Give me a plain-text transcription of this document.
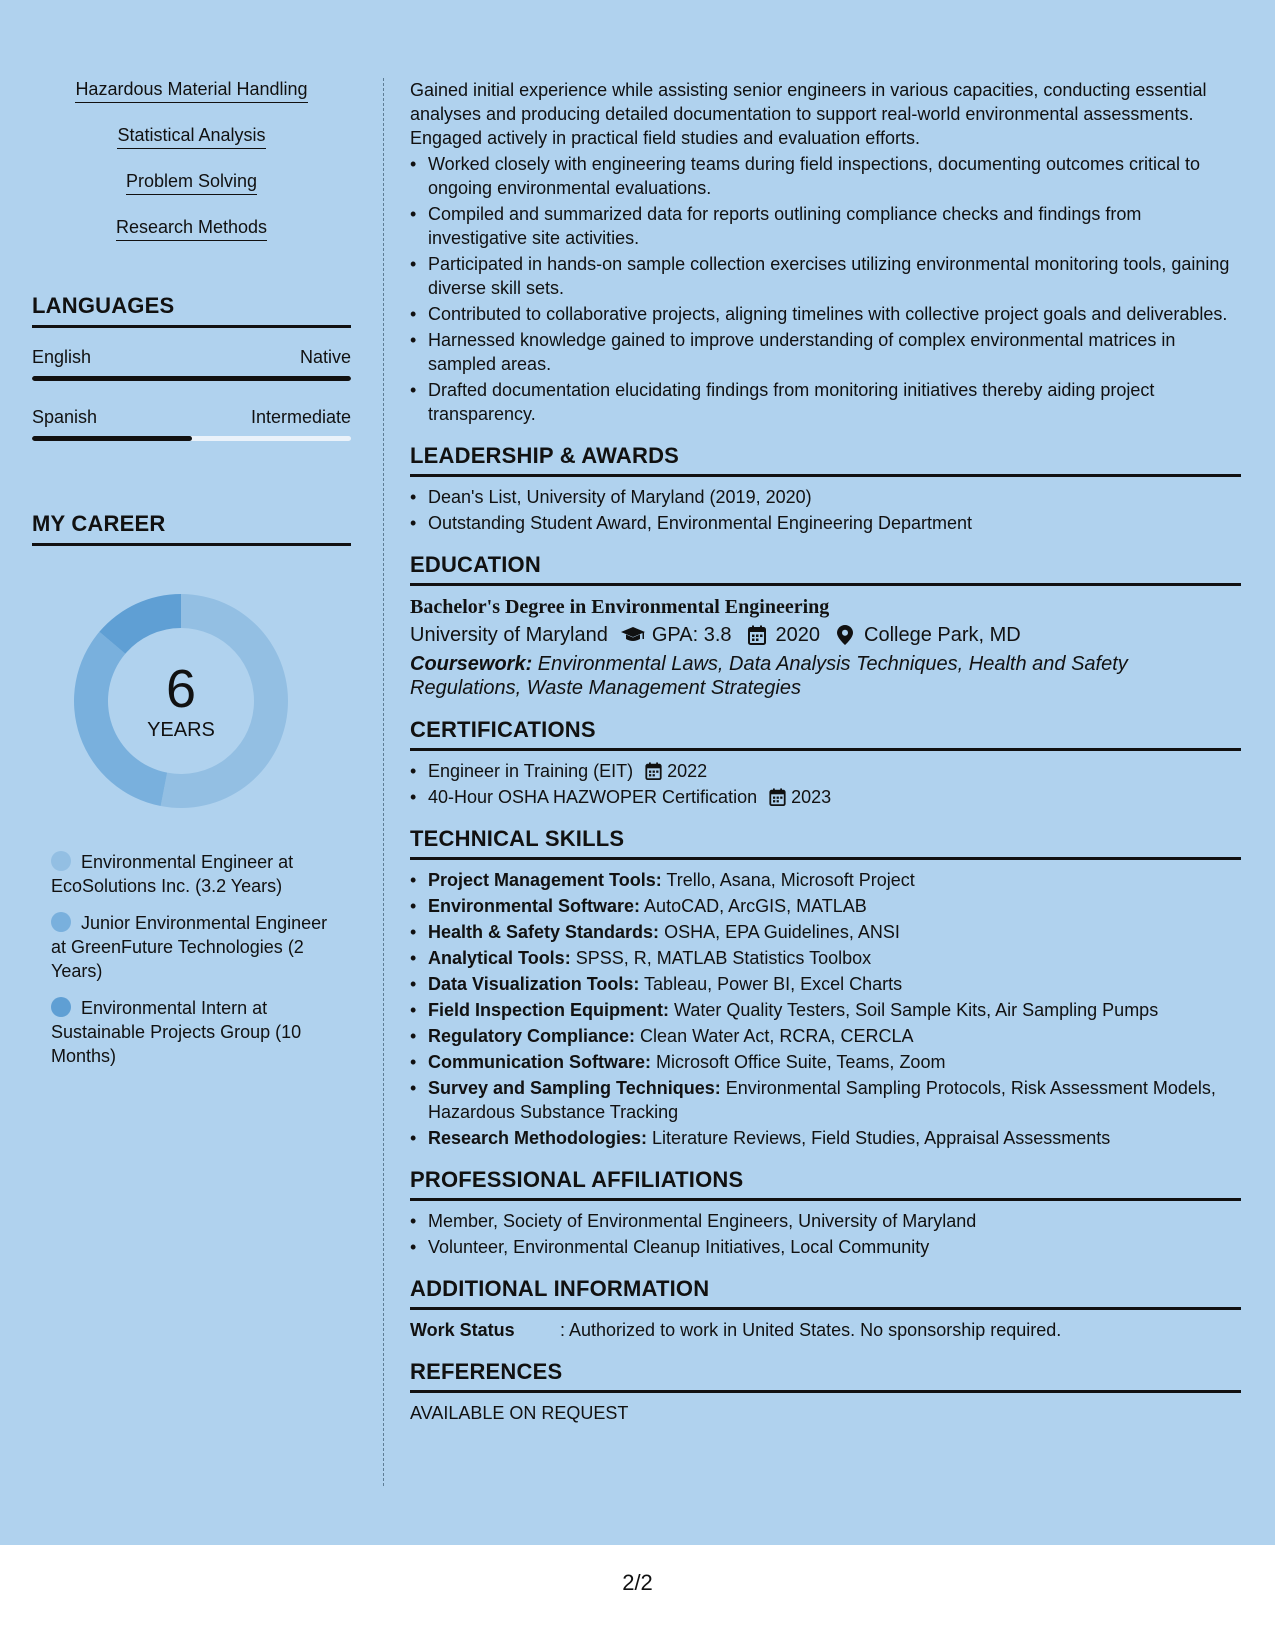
Hazardous Material Handling
Statistical Analysis
Problem Solving
Research Methods
LANGUAGES
English	Native
Spanish	Intermediate
MY CAREER
6
YEARS
Environmental Engineer at EcoSolutions Inc. (3.2 Years)
Junior Environmental Engineer at GreenFuture Technologies (2 Years)
Environmental Intern at Sustainable Projects Group (10 Months)

Gained initial experience while assisting senior engineers in various capacities, conducting essential analyses and producing detailed documentation to support real-world environmental assessments. Engaged actively in practical field studies and evaluation efforts.

• Worked closely with engineering teams during field inspections, documenting outcomes critical to ongoing environmental evaluations.
• Compiled and summarized data for reports outlining compliance checks and findings from investigative site activities.
• Participated in hands-on sample collection exercises utilizing environmental monitoring tools, gaining diverse skill sets.
• Contributed to collaborative projects, aligning timelines with collective project goals and deliverables.
• Harnessed knowledge gained to improve understanding of complex environmental matrices in sampled areas.
• Drafted documentation elucidating findings from monitoring initiatives thereby aiding project transparency.
LEADERSHIP & AWARDS
• Dean's List, University of Maryland (2019, 2020)
• Outstanding Student Award, Environmental Engineering Department
EDUCATION
Bachelor's Degree in Environmental Engineering
University of Maryland GPA: 3.8 2020 College Park, MD
Coursework: Environmental Laws, Data Analysis Techniques, Health and Safety Regulations, Waste Management Strategies
CERTIFICATIONS
• Engineer in Training (EIT) 2022
• 40-Hour OSHA HAZWOPER Certification 2023
TECHNICAL SKILLS
• Project Management Tools: Trello, Asana, Microsoft Project
• Environmental Software: AutoCAD, ArcGIS, MATLAB
• Health & Safety Standards: OSHA, EPA Guidelines, ANSI
• Analytical Tools: SPSS, R, MATLAB Statistics Toolbox
• Data Visualization Tools: Tableau, Power BI, Excel Charts
• Field Inspection Equipment: Water Quality Testers, Soil Sample Kits, Air Sampling Pumps
• Regulatory Compliance: Clean Water Act, RCRA, CERCLA
• Communication Software: Microsoft Office Suite, Teams, Zoom
• Survey and Sampling Techniques: Environmental Sampling Protocols, Risk Assessment Models, Hazardous Substance Tracking
• Research Methodologies: Literature Reviews, Field Studies, Appraisal Assessments
PROFESSIONAL AFFILIATIONS
• Member, Society of Environmental Engineers, University of Maryland
• Volunteer, Environmental Cleanup Initiatives, Local Community
ADDITIONAL INFORMATION
Work Status	: Authorized to work in United States. No sponsorship required.
REFERENCES
AVAILABLE ON REQUEST
2/2
